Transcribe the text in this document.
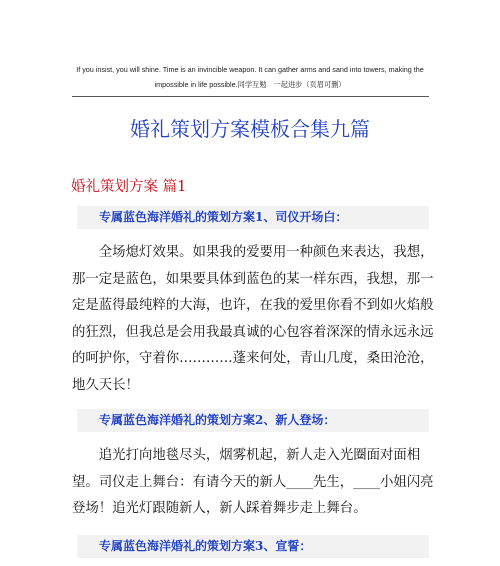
If you insist, you will shine. Time is an invincible weapon. It can gather arms and sand into towers, making the
impossible in life possible.同学互勉　一起进步（页眉可删）
婚礼策划方案模板合集九篇
婚礼策划方案 篇1
专属蓝色海洋婚礼的策划方案1、司仪开场白：
全场熄灯效果。如果我的爱要用一种颜色来表达，我想，那一定是蓝色，如果要具体到蓝色的某一样东西，我想，那一定是蓝得最纯粹的大海，也许，在我的爱里你看不到如火焰般的狂烈，但我总是会用我最真诚的心包容着深深的情永远永远的呵护你，守着你…………蓬来何处，青山几度，桑田沧沧，地久天长！
专属蓝色海洋婚礼的策划方案2、新人登场：
追光打向地毯尽头，烟雾机起，新人走入光圈面对面相望。司仪走上舞台：有请今天的新人____先生，____小姐闪亮登场！追光灯跟随新人，新人踩着舞步走上舞台。
专属蓝色海洋婚礼的策划方案3、宣誓：
